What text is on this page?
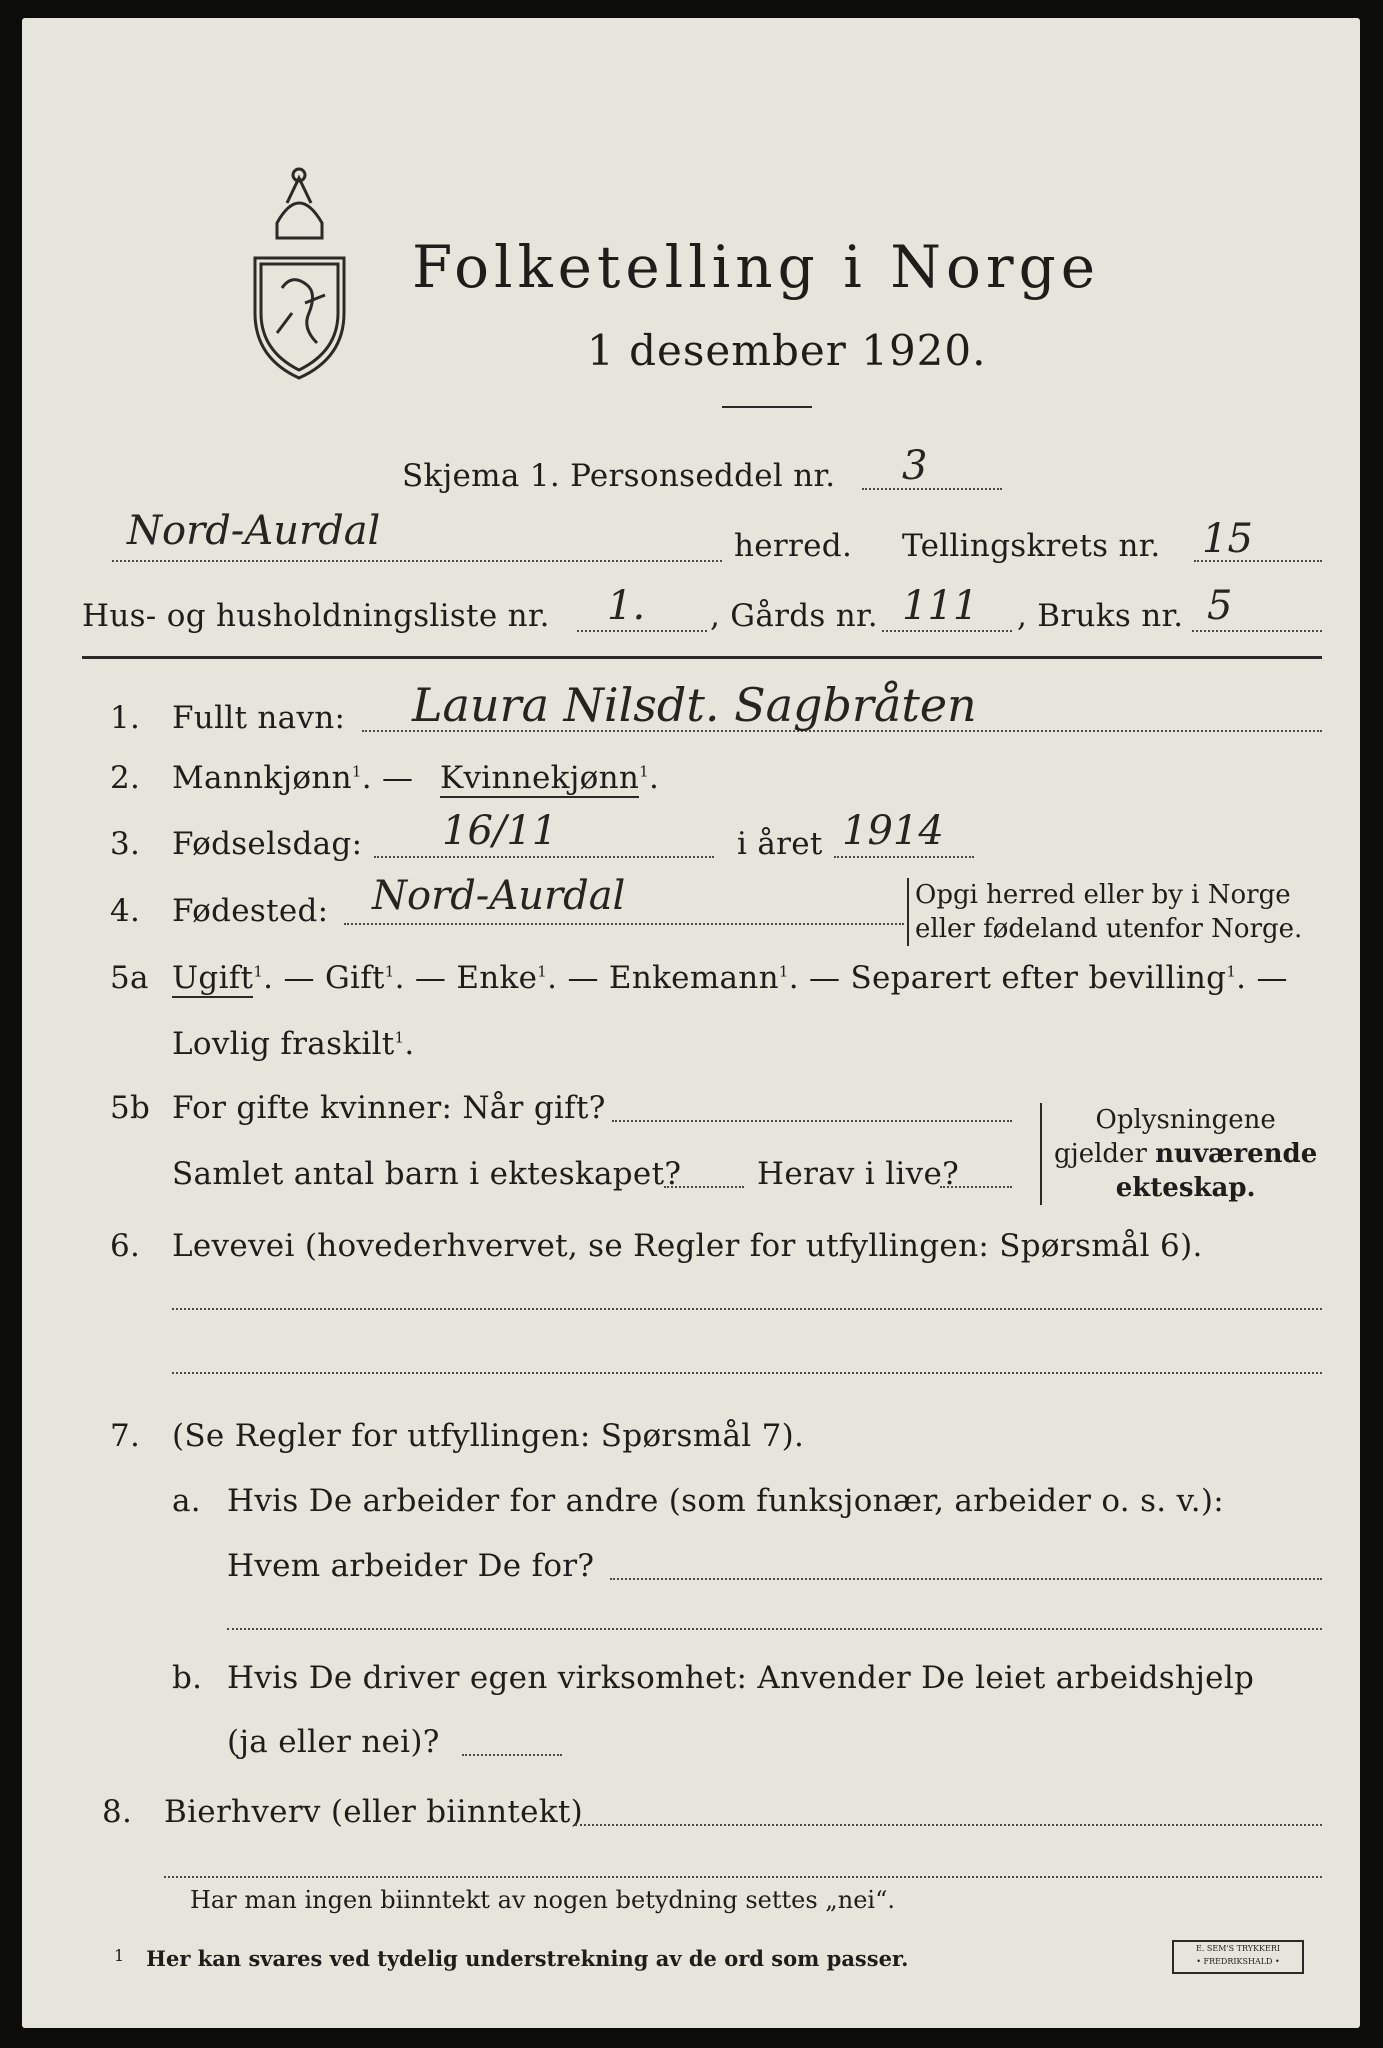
Folketelling i Norge
1 desember 1920.
Skjema 1. Personseddel nr. 3
Nord-Aurdal	herred. Tellingskrets nr. 15
Hus- og husholdningsliste nr. 1. , Gårds nr. 111 , Bruks nr. 5
1. Fullt navn: Laura Nilsdt. Sagbråten
2. Mannkjønn$^1$. — Kvinnekjønn$^1$.
3. Fødselsdag: 16/11	i året 1914
4. Fødested: Nord-Aurdal	Opgi herred eller by i Norge
eller fødeland utenfor Norge.
5a Ugift$^1$. — Gift$^1$. — Enke$^1$. — Enkemann$^1$. — Separert efter bevilling$^1$. —
Lovlig fraskilt$^1$.
5b For gifte kvinner: Når gift?
Samlet antal barn i ekteskapet? Herav i live?
Oplysningene
gjelder nuværende
ekteskap.
6. Levevei (hovederhvervet, se Regler for utfyllingen: Spørsmål 6).
7. (Se Regler for utfyllingen: Spørsmål 7).
a. Hvis De arbeider for andre (som funksjonær, arbeider o. s. v.):
Hvem arbeider De for?
b. Hvis De driver egen virksomhet: Anvender De leiet arbeidshjelp
(ja eller nei)?
8. Bierhverv (eller biinntekt)
Har man ingen biinntekt av nogen betydning settes „nei“.
$^1$ Her kan svares ved tydelig understrekning av de ord som passer.	E. SEM'S TRYKKERI
• FREDRIKSHALD •
